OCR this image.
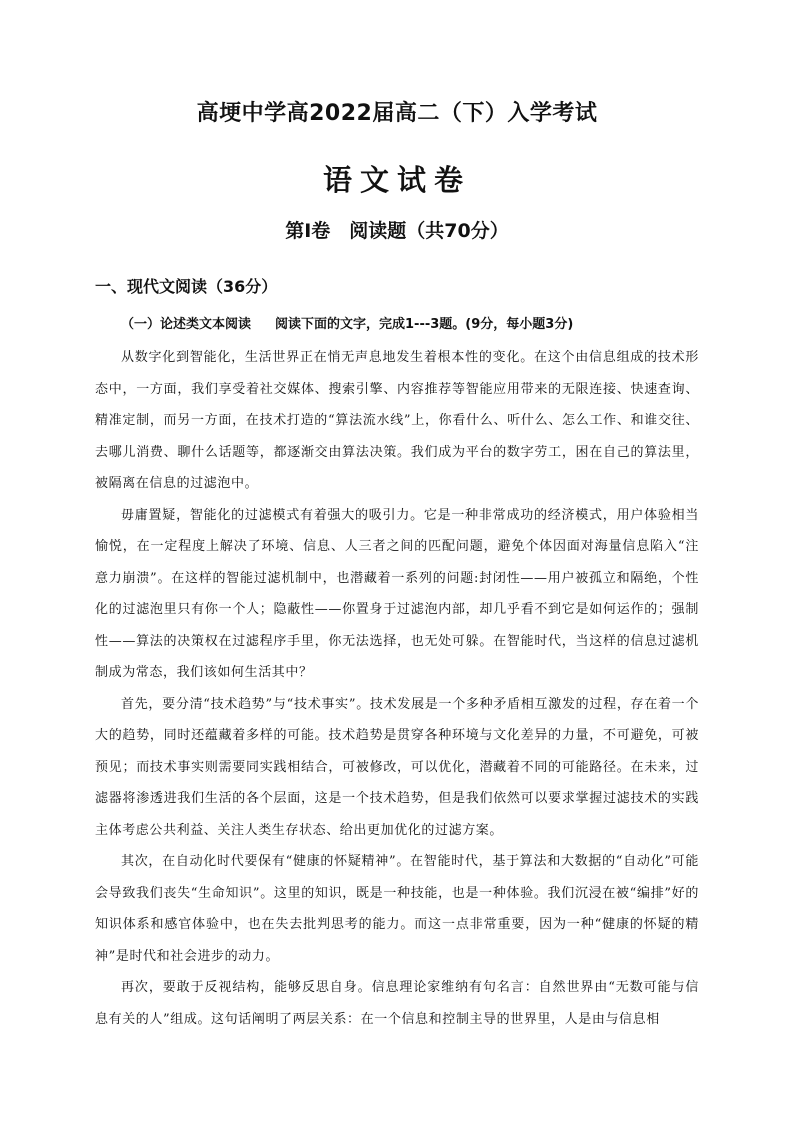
高埂中学高2022届高二（下）入学考试
语文试卷
第Ⅰ卷　阅读题（共70分）
一、现代文阅读（36分）
（一）论述类文本阅读 阅读下面的文字，完成1---3题。(9分，每小题3分)

从数字化到智能化，生活世界正在悄无声息地发生着根本性的变化。在这个由信息组成的技术形态中，一方面，我们享受着社交媒体、搜索引擎、内容推荐等智能应用带来的无限连接、快速查询、精准定制，而另一方面，在技术打造的“算法流水线”上，你看什么、听什么、怎么工作、和谁交往、去哪儿消费、聊什么话题等，都逐渐交由算法决策。我们成为平台的数字劳工，困在自己的算法里，被隔离在信息的过滤泡中。

毋庸置疑，智能化的过滤模式有着强大的吸引力。它是一种非常成功的经济模式，用户体验相当愉悦，在一定程度上解决了环境、信息、人三者之间的匹配问题，避免个体因面对海量信息陷入“注意力崩溃”。在这样的智能过滤机制中，也潜藏着一系列的问题:封闭性——用户被孤立和隔绝，个性化的过滤泡里只有你一个人；隐蔽性——你置身于过滤泡内部，却几乎看不到它是如何运作的；强制性——算法的决策权在过滤程序手里，你无法选择，也无处可躲。在智能时代，当这样的信息过滤机制成为常态，我们该如何生活其中？

首先，要分清“技术趋势”与“技术事实”。技术发展是一个多种矛盾相互激发的过程，存在着一个大的趋势，同时还蕴藏着多样的可能。技术趋势是贯穿各种环境与文化差异的力量，不可避免，可被预见；而技术事实则需要同实践相结合，可被修改，可以优化，潜藏着不同的可能路径。在未来，过滤器将渗透进我们生活的各个层面，这是一个技术趋势，但是我们依然可以要求掌握过滤技术的实践主体考虑公共利益、关注人类生存状态、给出更加优化的过滤方案。

其次，在自动化时代要保有“健康的怀疑精神”。在智能时代，基于算法和大数据的“自动化”可能会导致我们丧失“生命知识”。这里的知识，既是一种技能，也是一种体验。我们沉浸在被“编排”好的知识体系和感官体验中，也在失去批判思考的能力。而这一点非常重要，因为一种“健康的怀疑的精神”是时代和社会进步的动力。

再次，要敢于反视结构，能够反思自身。信息理论家维纳有句名言：自然世界由“无数可能与信息有关的人”组成。这句话阐明了两层关系：在一个信息和控制主导的世界里，人是由与信息相
